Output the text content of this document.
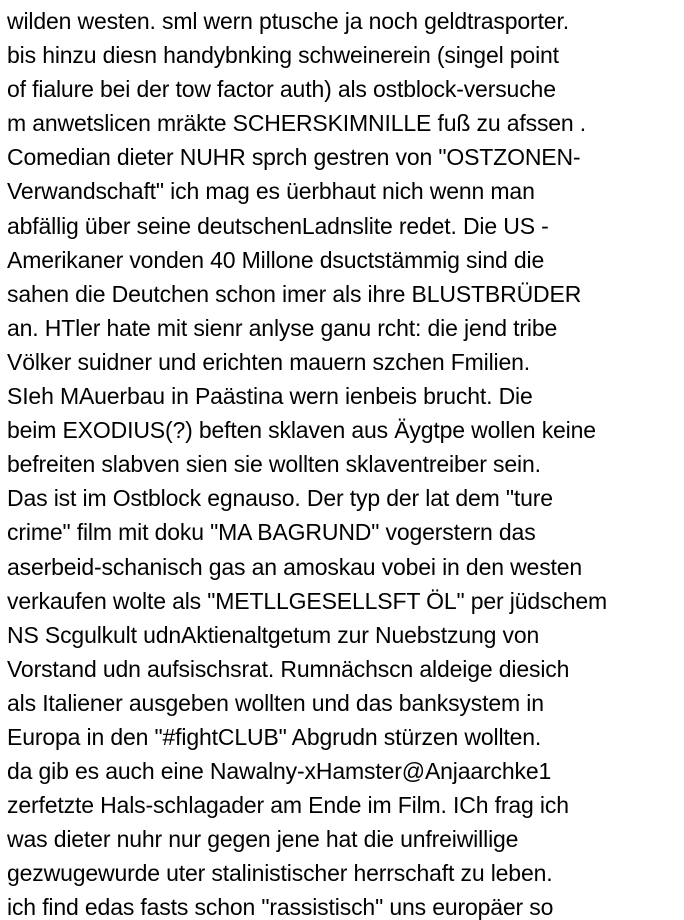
wilden westen. sml wern ptusche ja noch geldtrasporter.
bis hinzu diesn handybnking schweinerein (singel point
of fialure bei der tow factor auth) als ostblock-versuche
m anwetslicen mräkte SCHERSKIMNILLE fuß zu afssen .
Comedian dieter NUHR sprch gestren von "OSTZONEN-
Verwandschaft" ich mag es üerbhaut nich wenn man
abfällig über seine deutschenLadnslite redet. Die US -
Amerikaner vonden 40 Millone dsuctstämmig sind die
sahen die Deutchen schon imer als ihre BLUSTBRÜDER
an. HTler hate mit sienr anlyse ganu rcht: die jend tribe
Völker suidner und erichten mauern szchen Fmilien.
SIeh MAuerbau in Paästina wern ienbeis brucht. Die
beim EXODIUS(?) beften sklaven aus Äygtpe wollen keine
befreiten slabven sien sie wollten sklaventreiber sein.
Das ist im Ostblock egnauso. Der typ der lat dem "ture
crime" film mit doku "MA BAGRUND" vogerstern das
aserbeid-schanisch gas an amoskau vobei in den westen
verkaufen wolte als "METLLGESELLSFT ÖL" per jüdschem
NS Scgulkult udnAktienaltgetum zur Nuebstzung von
Vorstand udn aufsischsrat. Rumnächscn aldeige diesich
als Italiener ausgeben wollten und das banksystem in
Europa in den "#fightCLUB" Abgrudn stürzen wollten.
da gib es auch eine Nawalny-xHamster@Anjaarchke1
zerfetzte Hals-schlagader am Ende im Film. ICh frag ich
was dieter nuhr nur gegen jene hat die unfreiwillige
gezwugewurde uter stalinistischer herrschaft zu leben.
ich find edas fasts schon "rassistisch" uns europäer so
